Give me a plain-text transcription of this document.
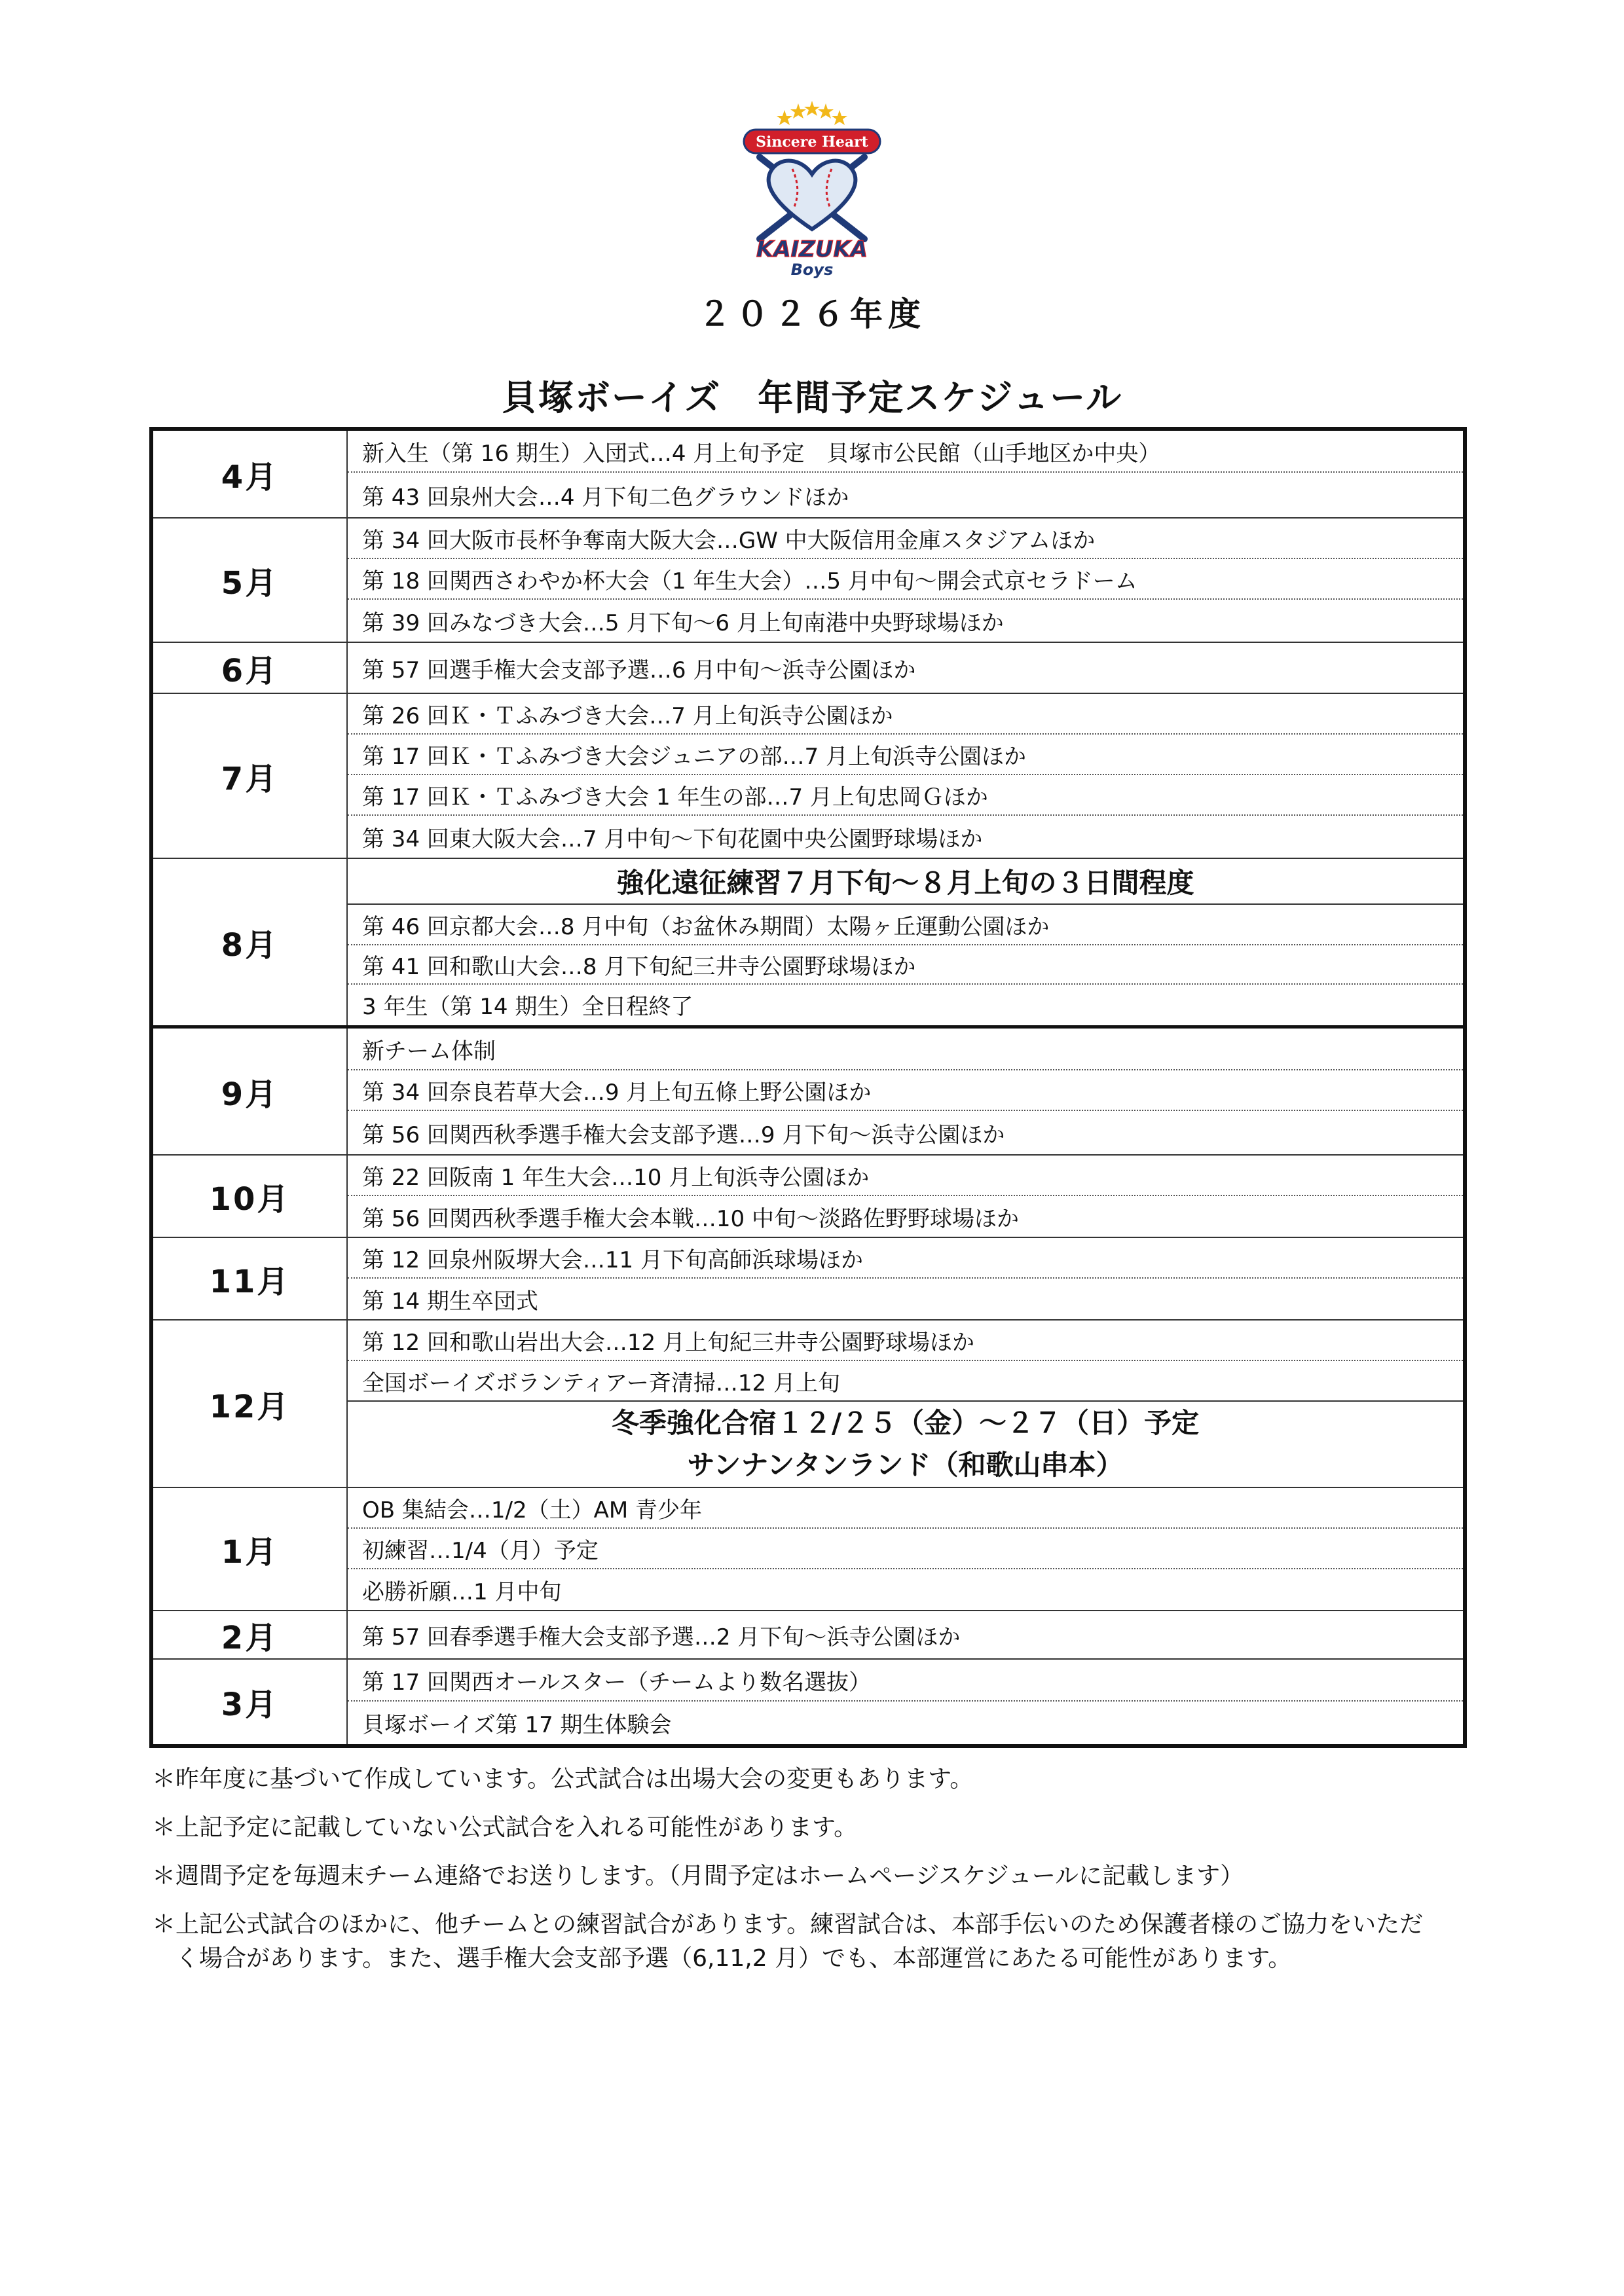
Sincere Heart
KAIZUKA
Boys
２０２６年度
貝塚ボーイズ　年間予定スケジュール
4月
新入生（第 16 期生）入団式…4 月上旬予定　貝塚市公民館（山手地区か中央）
第 43 回泉州大会…4 月下旬二色グラウンドほか
5月
第 34 回大阪市長杯争奪南大阪大会…GW 中大阪信用金庫スタジアムほか
第 18 回関西さわやか杯大会（1 年生大会）…5 月中旬～開会式京セラドーム
第 39 回みなづき大会…5 月下旬～6 月上旬南港中央野球場ほか
6月	第 57 回選手権大会支部予選…6 月中旬～浜寺公園ほか
7月
第 26 回Ｋ・Ｔふみづき大会…7 月上旬浜寺公園ほか
第 17 回Ｋ・Ｔふみづき大会ジュニアの部…7 月上旬浜寺公園ほか
第 17 回Ｋ・Ｔふみづき大会 1 年生の部…7 月上旬忠岡Ｇほか
第 34 回東大阪大会…7 月中旬～下旬花園中央公園野球場ほか
8月
強化遠征練習７月下旬～８月上旬の３日間程度
第 46 回京都大会…8 月中旬（お盆休み期間）太陽ヶ丘運動公園ほか
第 41 回和歌山大会…8 月下旬紀三井寺公園野球場ほか
3 年生（第 14 期生）全日程終了
9月
新チーム体制
第 34 回奈良若草大会…9 月上旬五條上野公園ほか
第 56 回関西秋季選手権大会支部予選…9 月下旬～浜寺公園ほか
10月
第 22 回阪南 1 年生大会…10 月上旬浜寺公園ほか
第 56 回関西秋季選手権大会本戦…10 中旬～淡路佐野野球場ほか
11月
第 12 回泉州阪堺大会…11 月下旬高師浜球場ほか
第 14 期生卒団式
12月
第 12 回和歌山岩出大会…12 月上旬紀三井寺公園野球場ほか
全国ボーイズボランティアー斉清掃…12 月上旬
冬季強化合宿１２/２５（金）～２７（日）予定
サンナンタンランド（和歌山串本）
1月
OB 集結会…1/2（土）AM 青少年
初練習…1/4（月）予定
必勝祈願…1 月中旬
2月	第 57 回春季選手権大会支部予選…2 月下旬～浜寺公園ほか
3月
第 17 回関西オールスター（チームより数名選抜）
貝塚ボーイズ第 17 期生体験会
＊昨年度に基づいて作成しています。公式試合は出場大会の変更もあります。
＊上記予定に記載していない公式試合を入れる可能性があります。
＊週間予定を毎週末チーム連絡でお送りします。（月間予定はホームページスケジュールに記載します）
＊上記公式試合のほかに、他チームとの練習試合があります。練習試合は、本部手伝いのため保護者様のご協力をいただ
く場合があります。また、選手権大会支部予選（6,11,2 月）でも、本部運営にあたる可能性があります。
